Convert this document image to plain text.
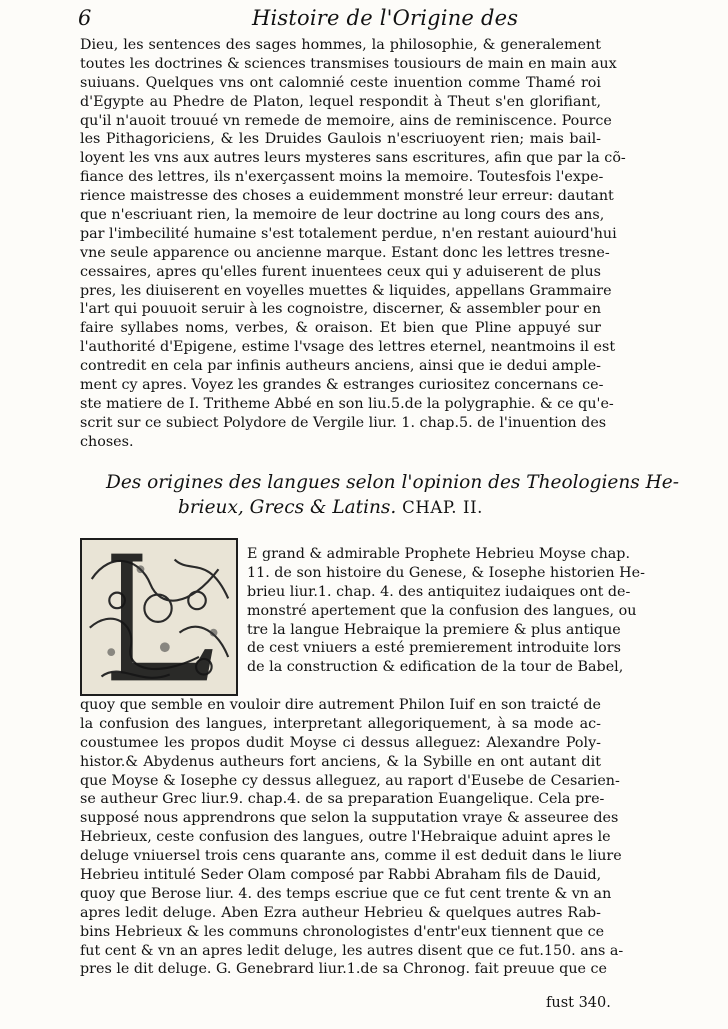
6	Histoire de l'Origine des
Dieu, les sentences des sages hommes, la philosophie, & generalement
toutes les doctrines & sciences transmises tousiours de main en main aux
suiuans. Quelques vns ont calomnié ceste inuention comme Thamé roi
d'Egypte au Phedre de Platon, lequel respondit à Theut s'en glorifiant,
qu'il n'auoit trouué vn remede de memoire, ains de reminiscence. Pource
les Pithagoriciens, & les Druides Gaulois n'escriuoyent rien; mais bail-
loyent les vns aux autres leurs mysteres sans escritures, afin que par la cõ-
fiance des lettres, ils n'exerçassent moins la memoire. Toutesfois l'expe-
rience maistresse des choses a euidemment monstré leur erreur: dautant
que n'escriuant rien, la memoire de leur doctrine au long cours des ans,
par l'imbecilité humaine s'est totalement perdue, n'en restant auiourd'hui
vne seule apparence ou ancienne marque. Estant donc les lettres tresne-
cessaires, apres qu'elles furent inuentees ceux qui y aduiserent de plus
pres, les diuiserent en voyelles muettes & liquides, appellans Grammaire
l'art qui pouuoit seruir à les cognoistre, discerner, & assembler pour en
faire syllabes noms, verbes, & oraison. Et bien que Pline appuyé sur
l'authorité d'Epigene, estime l'vsage des lettres eternel, neantmoins il est
contredit en cela par infinis autheurs anciens, ainsi que ie dedui ample-
ment cy apres. Voyez les grandes & estranges curiositez concernans ce-
ste matiere de I. Tritheme Abbé en son liu.5.de la polygraphie. & ce qu'e-
scrit sur ce subiect Polydore de Vergile liur. 1. chap.5. de l'inuention des
choses.
Des origines des langues selon l'opinion des Theologiens He-
brieux, Grecs & Latins. CHAP. II.
E grand & admirable Prophete Hebrieu Moyse chap.
11. de son histoire du Genese, & Iosephe historien He-
brieu liur.1. chap. 4. des antiquitez iudaiques ont de-
monstré apertement que la confusion des langues, ou
tre la langue Hebraique la premiere & plus antique
de cest vniuers a esté premierement introduite lors
de la construction & edification de la tour de Babel,
quoy que semble en vouloir dire autrement Philon Iuif en son traicté de
la confusion des langues, interpretant allegoriquement, à sa mode ac-
coustumee les propos dudit Moyse ci dessus alleguez: Alexandre Poly-
histor.& Abydenus autheurs fort anciens, & la Sybille en ont autant dit
que Moyse & Iosephe cy dessus alleguez, au raport d'Eusebe de Cesarien-
se autheur Grec liur.9. chap.4. de sa preparation Euangelique. Cela pre-
supposé nous apprendrons que selon la supputation vraye & asseuree des
Hebrieux, ceste confusion des langues, outre l'Hebraique aduint apres le
deluge vniuersel trois cens quarante ans, comme il est deduit dans le liure
Hebrieu intitulé Seder Olam composé par Rabbi Abraham fils de Dauid,
quoy que Berose liur. 4. des temps escriue que ce fut cent trente & vn an
apres ledit deluge. Aben Ezra autheur Hebrieu & quelques autres Rab-
bins Hebrieux & les communs chronologistes d'entr'eux tiennent que ce
fut cent & vn an apres ledit deluge, les autres disent que ce fut.150. ans a-
pres le dit deluge. G. Genebrard liur.1.de sa Chronog. fait preuue que ce
fust 340.
